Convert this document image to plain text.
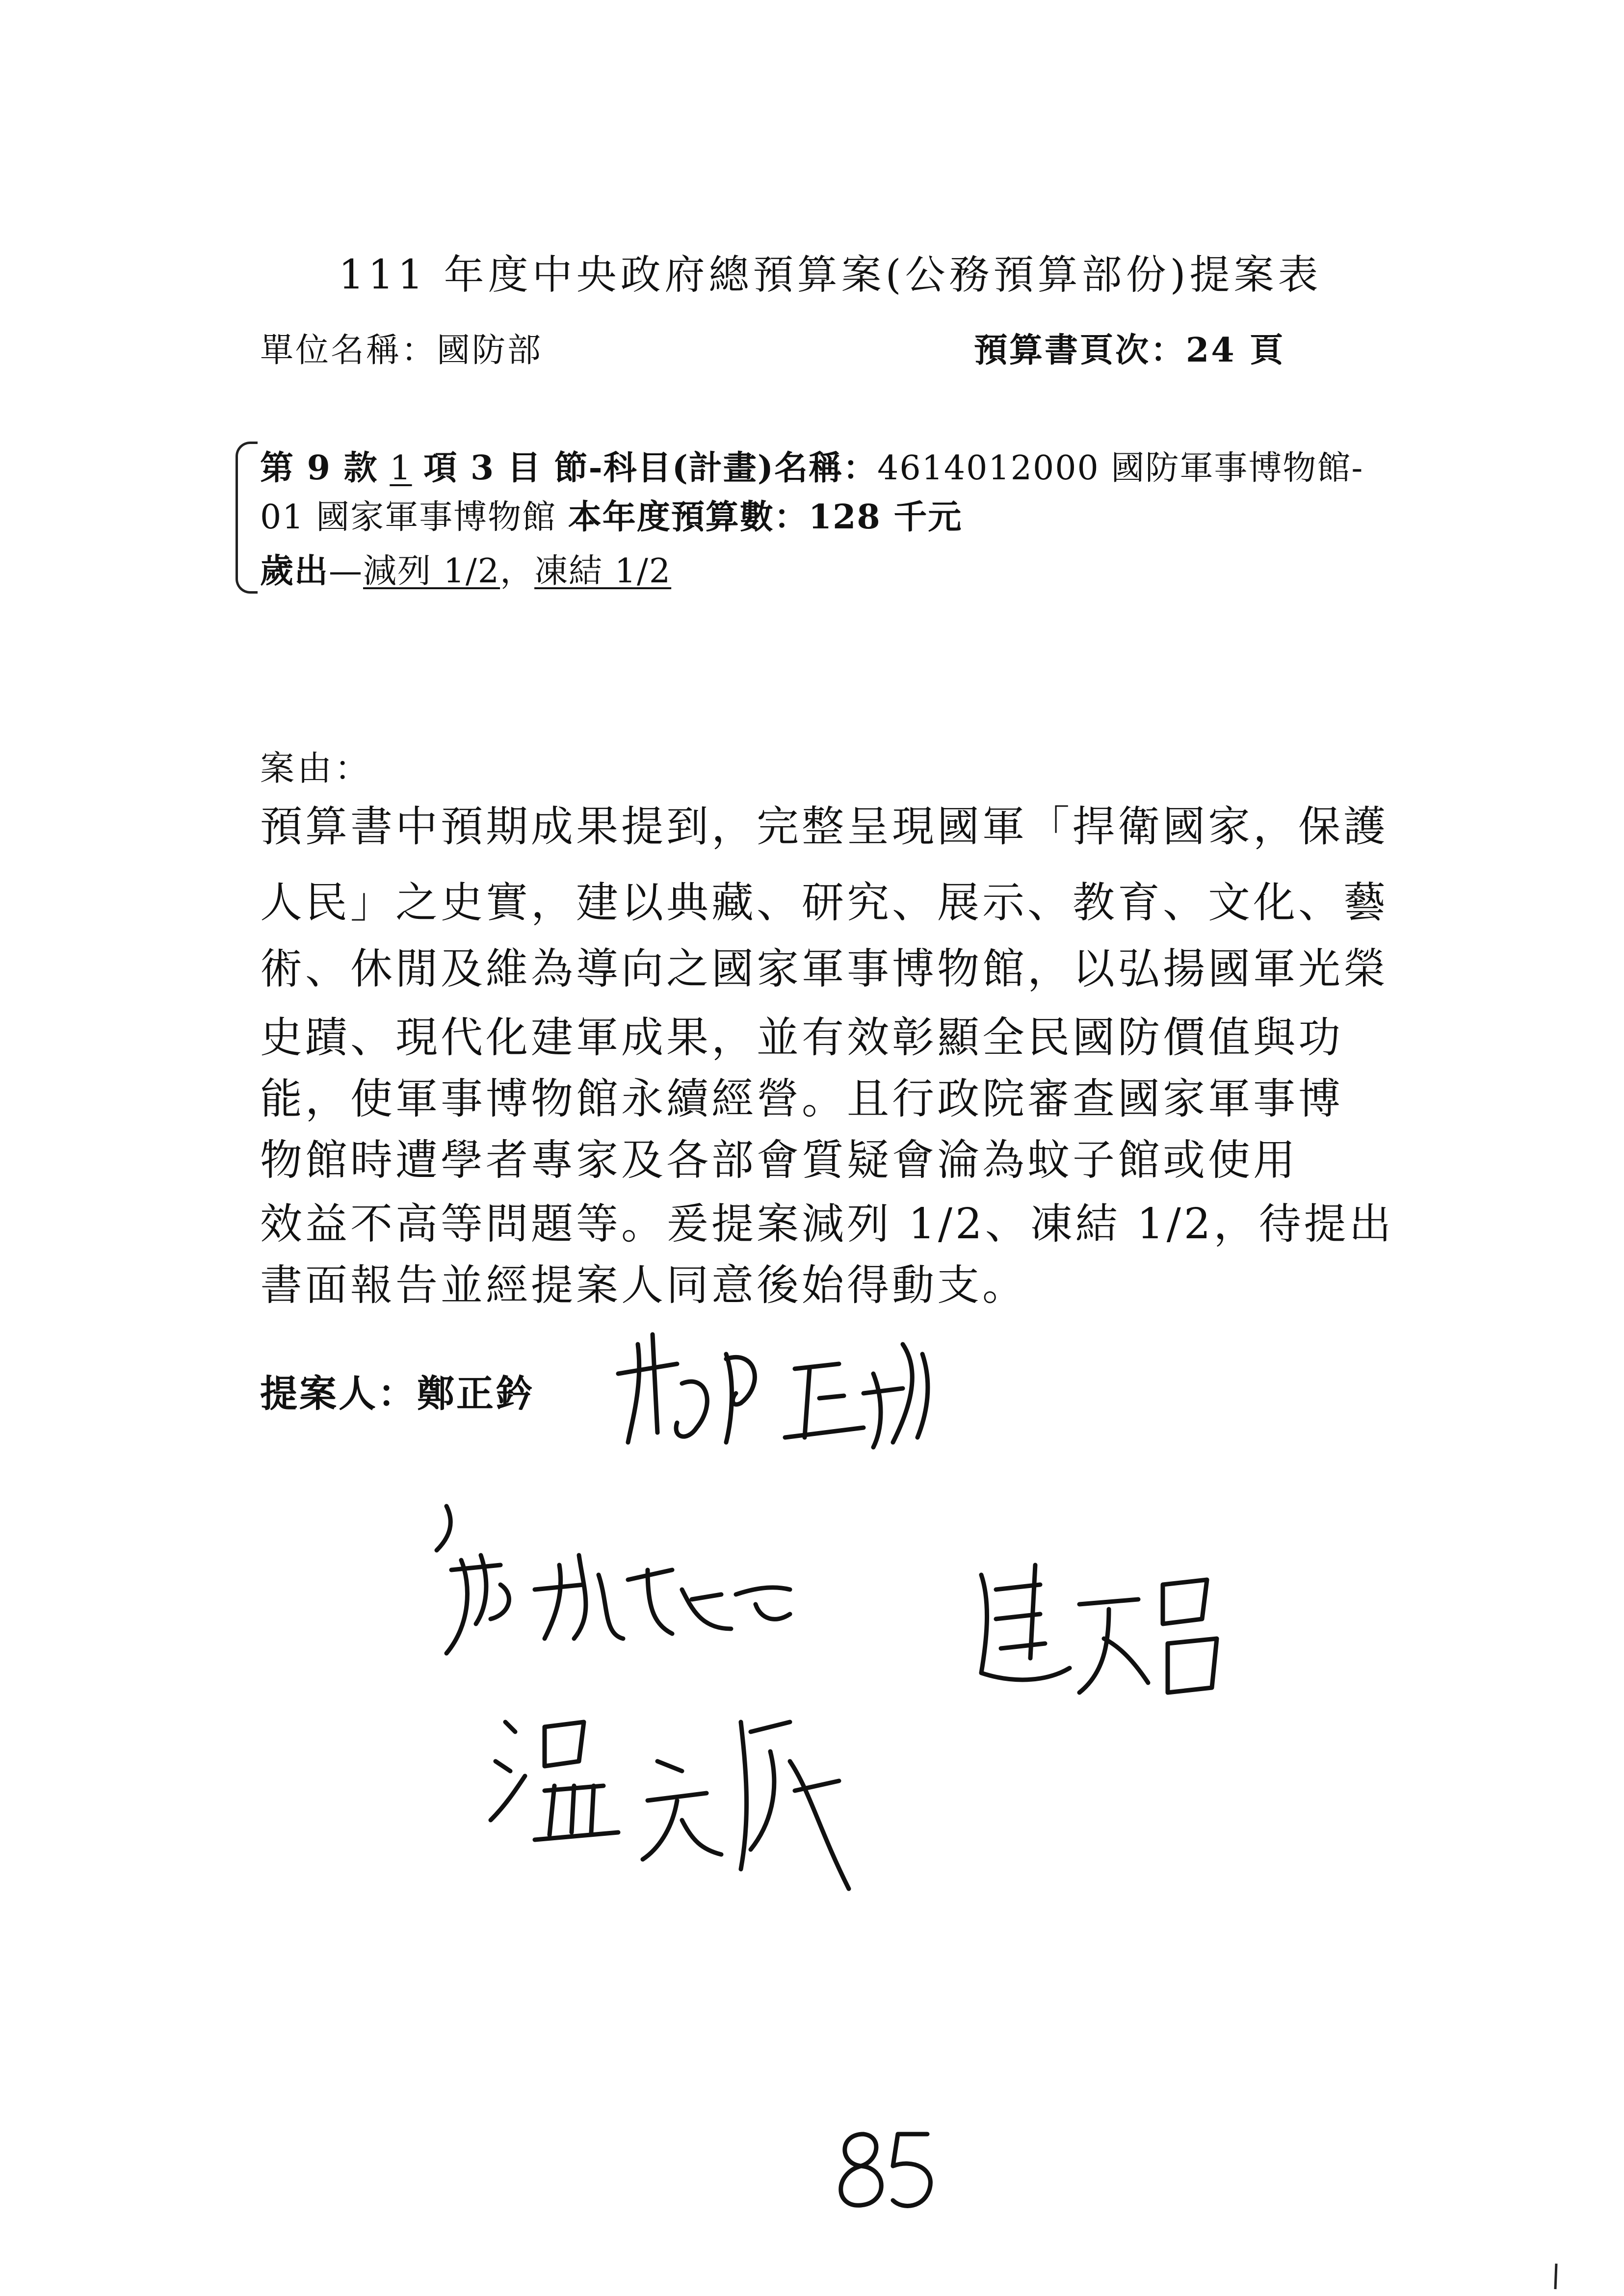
111 年度中央政府總預算案(公務預算部份)提案表
單位名稱：國防部	預算書頁次：24 頁
第 9 款 1 項 3 目 節-科目(計畫)名稱：4614012000 國防軍事博物館-
01 國家軍事博物館 本年度預算數：128 千元
歲出—減列 1/2，凍結 1/2
案由：
預算書中預期成果提到，完整呈現國軍「捍衛國家，保護
人民」之史實，建以典藏、研究、展示、教育、文化、藝
術、休閒及維為導向之國家軍事博物館，以弘揚國軍光榮
史蹟、現代化建軍成果，並有效彰顯全民國防價值與功
能，使軍事博物館永續經營。且行政院審查國家軍事博
物館時遭學者專家及各部會質疑會淪為蚊子館或使用
效益不高等問題等。爰提案減列 1/2、凍結 1/2，待提出
書面報告並經提案人同意後始得動支。
提案人：鄭正鈐
